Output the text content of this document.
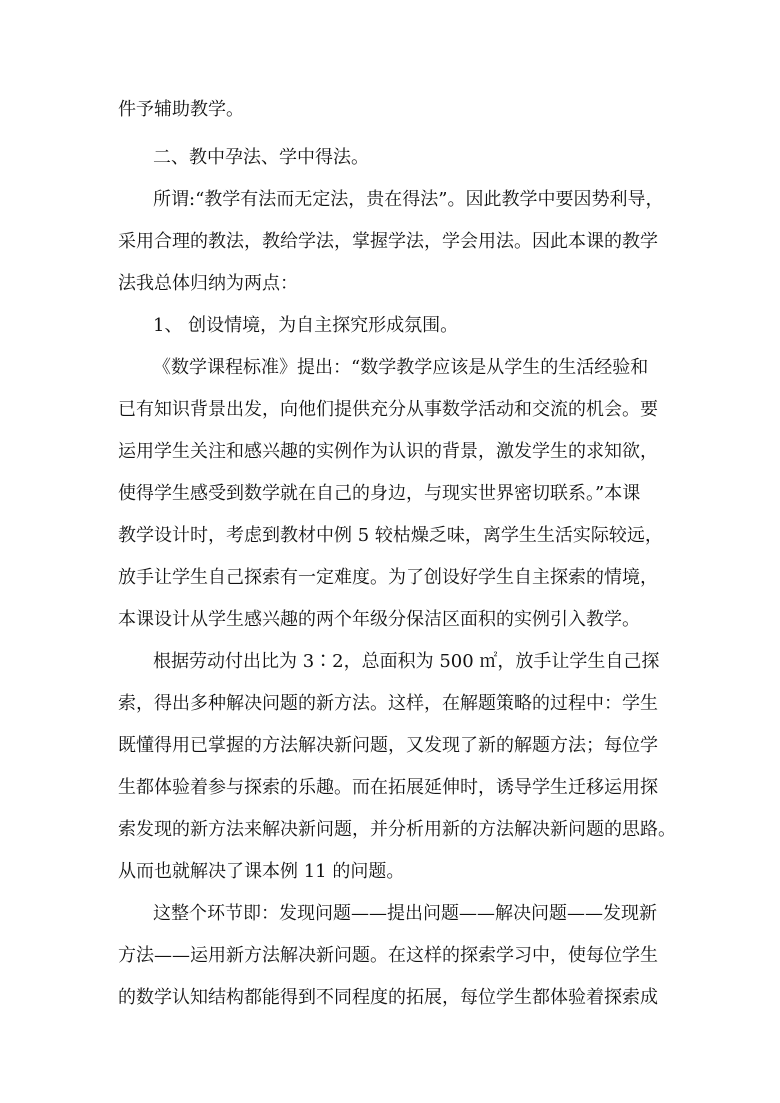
件予辅助教学。
二、教中孕法、学中得法。
所谓:“教学有法而无定法，贵在得法”。因此教学中要因势利导，
采用合理的教法，教给学法，掌握学法，学会用法。因此本课的教学
法我总体归纳为两点：
1、 创设情境，为自主探究形成氛围。
《数学课程标准》提出：“数学教学应该是从学生的生活经验和
已有知识背景出发，向他们提供充分从事数学活动和交流的机会。要
运用学生关注和感兴趣的实例作为认识的背景，激发学生的求知欲，
使得学生感受到数学就在自己的身边，与现实世界密切联系。”本课
教学设计时，考虑到教材中例 5 较枯燥乏味，离学生生活实际较远，
放手让学生自己探索有一定难度。为了创设好学生自主探索的情境，
本课设计从学生感兴趣的两个年级分保洁区面积的实例引入教学。
根据劳动付出比为 3∶2，总面积为 500 ㎡，放手让学生自己探
索，得出多种解决问题的新方法。这样，在解题策略的过程中：学生
既懂得用已掌握的方法解决新问题，又发现了新的解题方法；每位学
生都体验着参与探索的乐趣。而在拓展延伸时，诱导学生迁移运用探
索发现的新方法来解决新问题，并分析用新的方法解决新问题的思路。
从而也就解决了课本例 11 的问题。
这整个环节即：发现问题——提出问题——解决问题——发现新
方法——运用新方法解决新问题。在这样的探索学习中，使每位学生
的数学认知结构都能得到不同程度的拓展，每位学生都体验着探索成
